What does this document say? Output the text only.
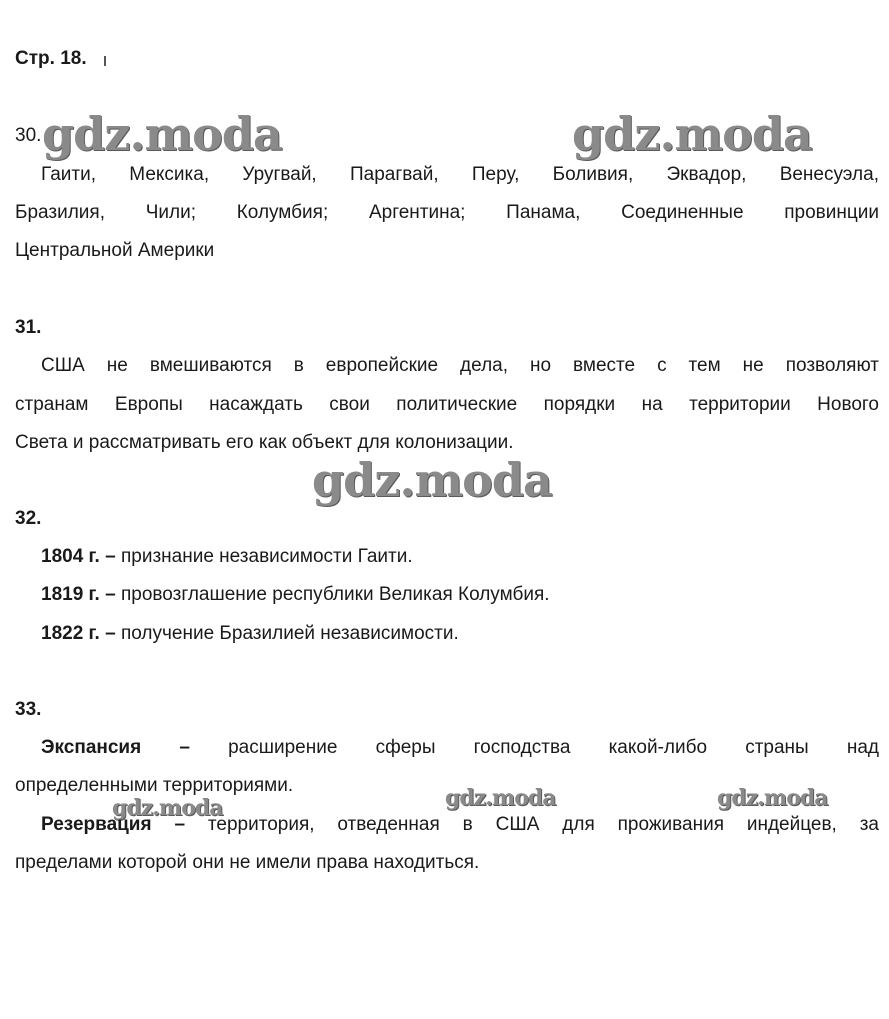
Стр. 18.
gdz.moda	gdz.moda
gdz.moda
gdz.moda	gdz.moda	gdz.moda
30.
Гаити, Мексика, Уругвай, Парагвай, Перу, Боливия, Эквадор, Венесуэла,
Бразилия, Чили; Колумбия; Аргентина; Панама, Соединенные провинции
Центральной Америки
31.
США не вмешиваются в европейские дела, но вместе с тем не позволяют
странам Европы насаждать свои политические порядки на территории Нового
Света и рассматривать его как объект для колонизации.
32.
1804 г. – признание независимости Гаити.
1819 г. – провозглашение республики Великая Колумбия.
1822 г. – получение Бразилией независимости.
33.
Экспансия – расширение сферы господства какой-либо страны над
определенными территориями.
Резервация – территория, отведенная в США для проживания индейцев, за
пределами которой они не имели права находиться.
